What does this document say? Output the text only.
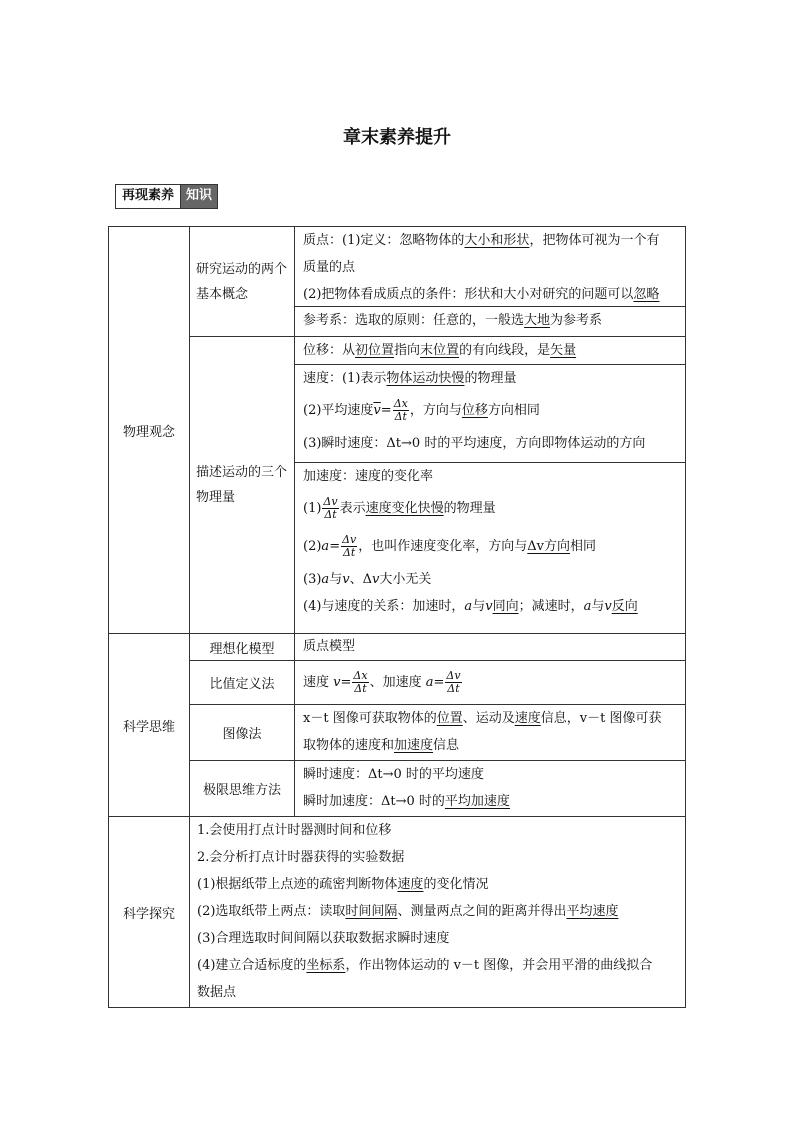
章末素养提升
再现素养 知识
物理观念
研究运动的两个基本概念
质点：(1)定义：忽略物体的大小和形状，把物体可视为一个有
质量的点
(2)把物体看成质点的条件：形状和大小对研究的问题可以忽略
参考系：选取的原则：任意的，一般选大地为参考系
描述运动的三个物理量
位移：从初位置指向末位置的有向线段，是矢量
速度：(1)表示物体运动快慢的物理量
(2)平均速度$\overline{v}= \frac{\Delta x}{\Delta t}$ ，方向与位移方向相同
(3)瞬时速度：Δt→0 时的平均速度，方向即物体运动的方向
加速度：速度的变化率
$(1) \frac{\Delta v}{\Delta t}$ 表示速度变化快慢的物理量
$(2)a= \frac{\Delta v}{\Delta t}$ ，也叫作速度变化率，方向与Δv方向相同
(3)a与v、Δv大小无关
(4)与速度的关系：加速时，a与v同向；减速时，a与v反向
科学思维
理想化模型	质点模型
比值定义法	速度 $v= \frac{\Delta x}{\Delta t}$ 、加速度 $a= \frac{\Delta v}{\Delta t}$
图像法
x－t 图像可获取物体的位置、运动及速度信息，v－t 图像可获
取物体的速度和加速度信息
极限思维方法
瞬时速度：Δt→0 时的平均速度
瞬时加速度：Δt→0 时的平均加速度
科学探究
1.会使用打点计时器测时间和位移
2.会分析打点计时器获得的实验数据
(1)根据纸带上点迹的疏密判断物体速度的变化情况
(2)选取纸带上两点：读取时间间隔、测量两点之间的距离并得出平均速度
(3)合理选取时间间隔以获取数据求瞬时速度
(4)建立合适标度的坐标系，作出物体运动的 v－t 图像，并会用平滑的曲线拟合
数据点
